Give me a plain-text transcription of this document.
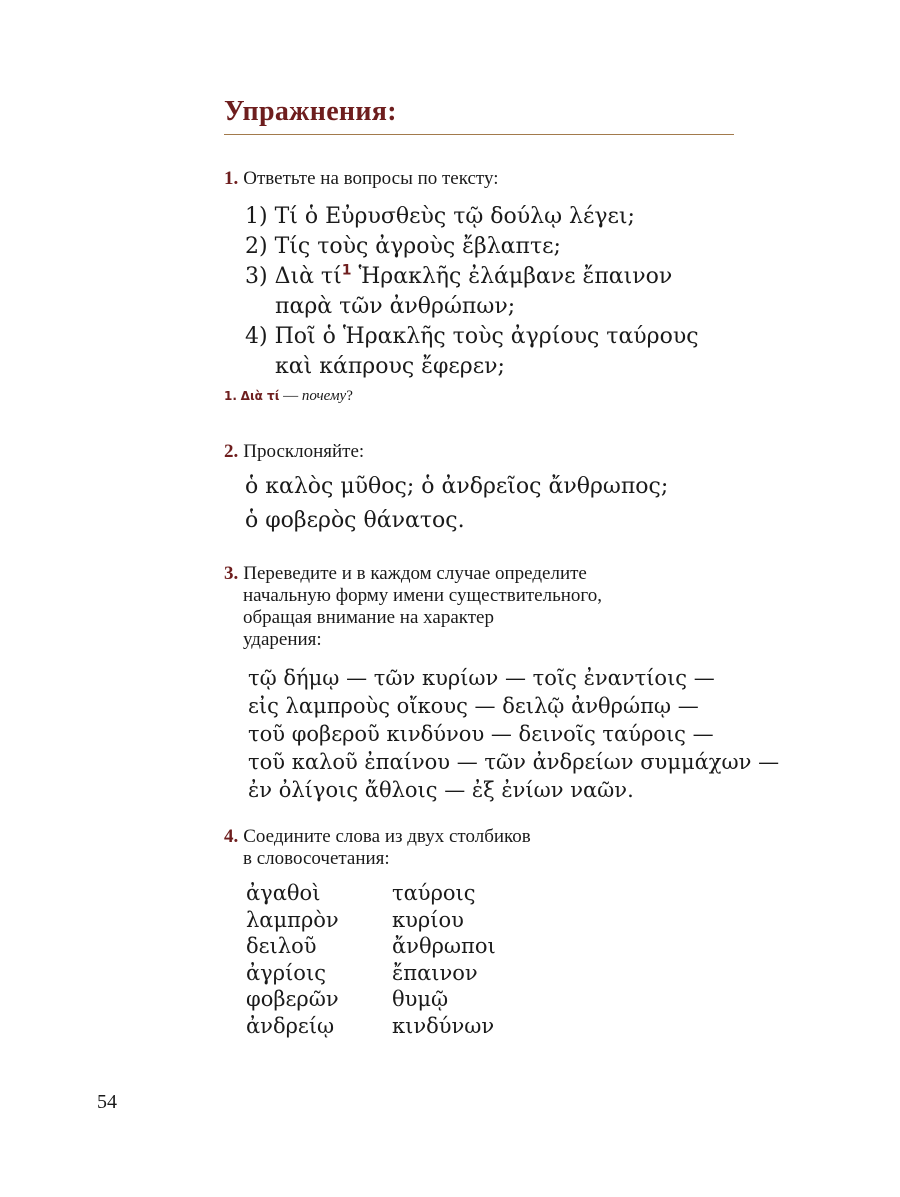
Упражнения:
1. Ответьте на вопросы по тексту:
1) Τί ὁ Εὐρυσθεὺς τῷ δούλῳ λέγει;
2) Τίς τοὺς ἀγροὺς ἔβλαπτε;
3) Διὰ $\tau ί^1$ Ἡρακλῆς ἐλάμβανε ἔπαινον
παρὰ τῶν ἀνθρώπων;
4) Ποῖ ὁ Ἡρακλῆς τοὺς ἀγρίους ταύρους
καὶ κάπρους ἔφερεν;
1. Διὰ τί — почему?
2. Просклоняйте:
ὁ καλὸς μῦθος; ὁ ἀνδρεῖος ἄνθρωπος;
ὁ φοβερὸς θάνατος.
3. Переведите и в каждом случае определите
начальную форму имени существительного,
обращая внимание на характер
ударения:
τῷ δήμῳ — τῶν κυρίων — τοῖς ἐναντίοις —
εἰς λαμπροὺς οἴκους — δειλῷ ἀνθρώπῳ —
τοῦ φοβεροῦ κινδύνου — δεινοῖς ταύροις —
τοῦ καλοῦ ἐπαίνου — τῶν ἀνδρείων συμμάχων —
ἐν ὀλίγοις ἄθλοις — ἐξ ἐνίων ναῶν.
4. Соедините слова из двух столбиков
в словосочетания:
ἀγαθοὶ	ταύροις
λαμπρὸν	κυρίου
δειλοῦ	ἄνθρωποι
ἀγρίοις	ἔπαινον
φοβερῶν	θυμῷ
ἀνδρείῳ	κινδύνων
54
